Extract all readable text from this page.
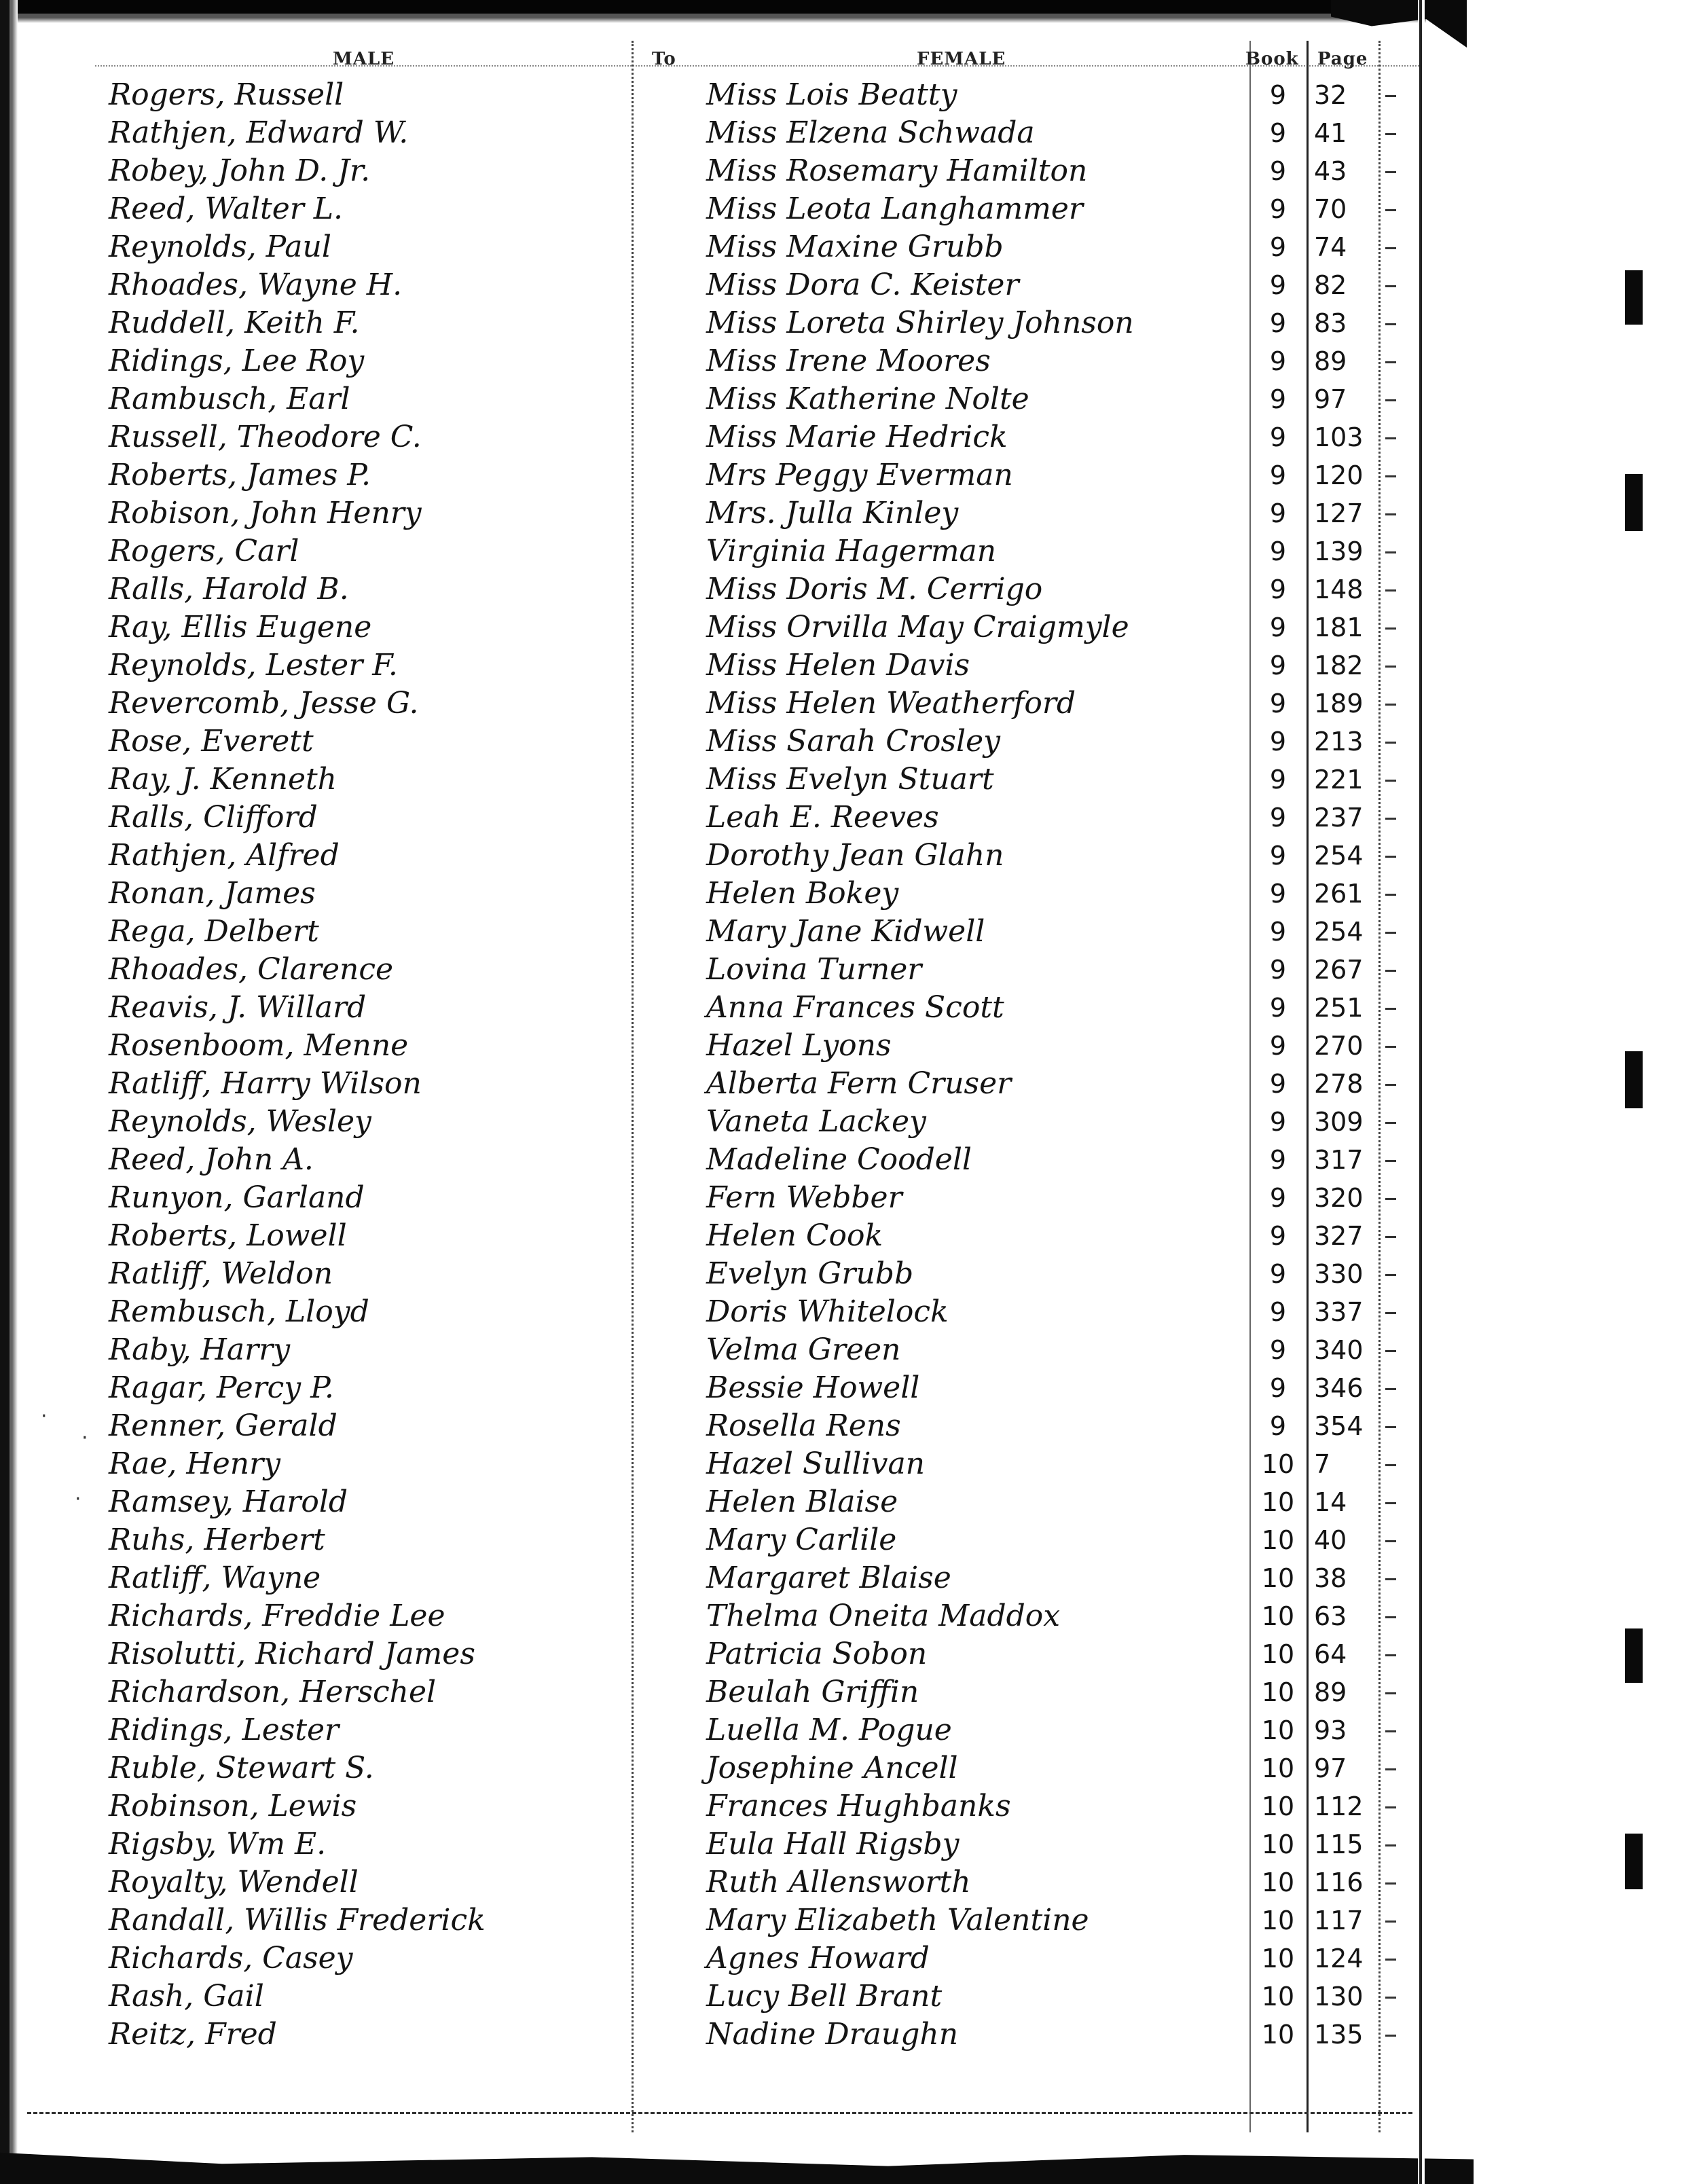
·
·
·
MALE	To	FEMALE	Book Page
Rogers, Russell	Miss Lois Beatty	9	32
Rathjen, Edward W.	Miss Elzena Schwada	9	41
Robey, John D. Jr.	Miss Rosemary Hamilton	9	43
Reed, Walter L.	Miss Leota Langhammer	9	70
Reynolds, Paul	Miss Maxine Grubb	9	74
Rhoades, Wayne H.	Miss Dora C. Keister	9	82
Ruddell, Keith F.	Miss Loreta Shirley Johnson	9	83
Ridings, Lee Roy	Miss Irene Moores	9	89
Rambusch, Earl	Miss Katherine Nolte	9	97
Russell, Theodore C.	Miss Marie Hedrick	9	103
Roberts, James P.	Mrs Peggy Everman	9	120
Robison, John Henry	Mrs. Julla Kinley	9	127
Rogers, Carl	Virginia Hagerman	9	139
Ralls, Harold B.	Miss Doris M. Cerrigo	9	148
Ray, Ellis Eugene	Miss Orvilla May Craigmyle	9	181
Reynolds, Lester F.	Miss Helen Davis	9	182
Revercomb, Jesse G.	Miss Helen Weatherford	9	189
Rose, Everett	Miss Sarah Crosley	9	213
Ray, J. Kenneth	Miss Evelyn Stuart	9	221
Ralls, Clifford	Leah E. Reeves	9	237
Rathjen, Alfred	Dorothy Jean Glahn	9	254
Ronan, James	Helen Bokey	9	261
Rega, Delbert	Mary Jane Kidwell	9	254
Rhoades, Clarence	Lovina Turner	9	267
Reavis, J. Willard	Anna Frances Scott	9	251
Rosenboom, Menne	Hazel Lyons	9	270
Ratliff, Harry Wilson	Alberta Fern Cruser	9	278
Reynolds, Wesley	Vaneta Lackey	9	309
Reed, John A.	Madeline Coodell	9	317
Runyon, Garland	Fern Webber	9	320
Roberts, Lowell	Helen Cook	9	327
Ratliff, Weldon	Evelyn Grubb	9	330
Rembusch, Lloyd	Doris Whitelock	9	337
Raby, Harry	Velma Green	9	340
Ragar, Percy P.	Bessie Howell	9	346
Renner, Gerald	Rosella Rens	9	354
Rae, Henry	Hazel Sullivan	10 7
Ramsey, Harold	Helen Blaise	10 14
Ruhs, Herbert	Mary Carlile	10 40
Ratliff, Wayne	Margaret Blaise	10 38
Richards, Freddie Lee	Thelma Oneita Maddox	10 63
Risolutti, Richard James	Patricia Sobon	10 64
Richardson, Herschel	Beulah Griffin	10 89
Ridings, Lester	Luella M. Pogue	10 93
Ruble, Stewart S.	Josephine Ancell	10 97
Robinson, Lewis	Frances Hughbanks	10 112
Rigsby, Wm E.	Eula Hall Rigsby	10 115
Royalty, Wendell	Ruth Allensworth	10 116
Randall, Willis Frederick	Mary Elizabeth Valentine	10 117
Richards, Casey	Agnes Howard	10 124
Rash, Gail	Lucy Bell Brant	10 130
Reitz, Fred	Nadine Draughn	10 135
